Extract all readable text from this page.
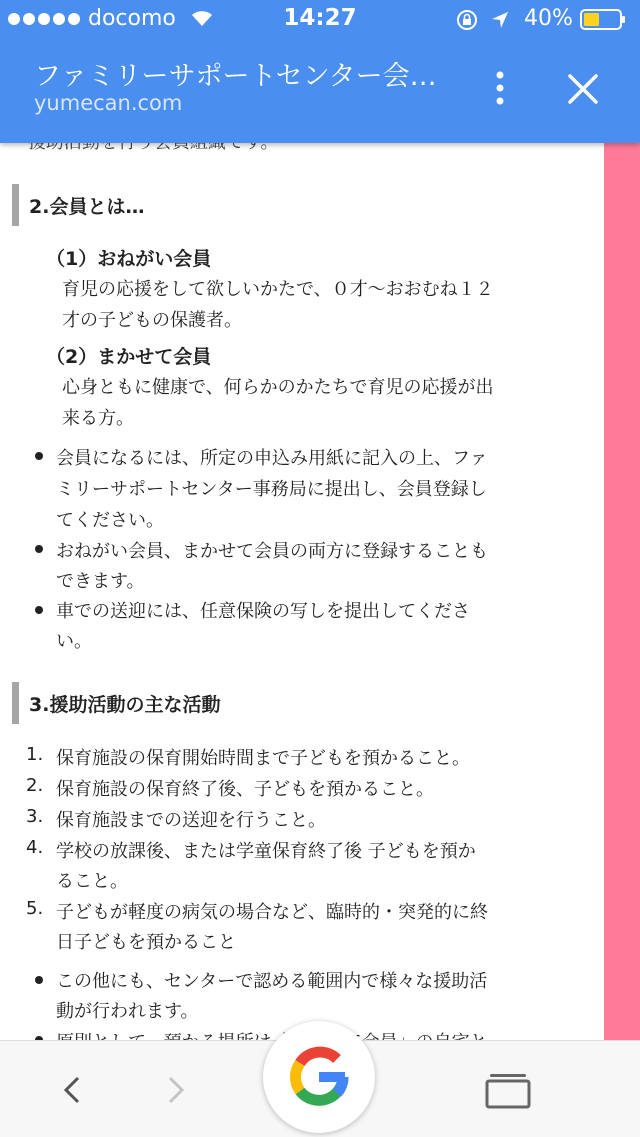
2.会員とは…
（1）おねがい会員
育児の応援をして欲しいかたで、０才〜おおむね１２
才の子どもの保護者。
（2）まかせて会員
心身ともに健康で、何らかのかたちで育児の応援が出
来る方。
会員になるには、所定の申込み用紙に記入の上、ファ
ミリーサポートセンター事務局に提出し、会員登録し
てください。
おねがい会員、まかせて会員の両方に登録することも
できます。
車での送迎には、任意保険の写しを提出してくださ
い。
3.援助活動の主な活動
1. 保育施設の保育開始時間まで子どもを預かること。
2. 保育施設の保育終了後、子どもを預かること。
3. 保育施設までの送迎を行うこと。
4. 学校の放課後、または学童保育終了後 子どもを預か
ること。
5. 子どもが軽度の病気の場合など、臨時的・突発的に終
日子どもを預かること
この他にも、センターで認める範囲内で様々な援助活
動が行われます。
docomo	14:27	40%
ファミリーサポートセンター会…
yumecan.com
